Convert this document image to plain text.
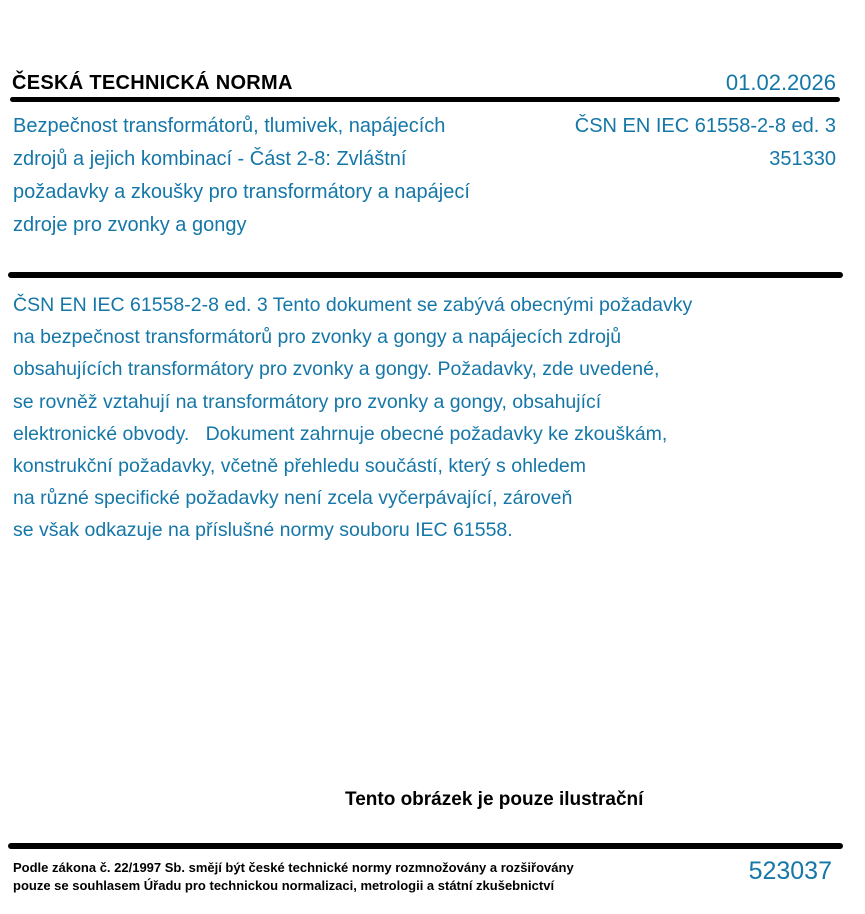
ČESKÁ TECHNICKÁ NORMA	01.02.2026
Bezpečnost transformátorů, tlumivek, napájecích
zdrojů a jejich kombinací - Část 2-8: Zvláštní
požadavky a zkoušky pro transformátory a napájecí
zdroje pro zvonky a gongy
ČSN EN IEC 61558-2-8 ed. 3
351330
ČSN EN IEC 61558-2-8 ed. 3 Tento dokument se zabývá obecnými požadavky
na bezpečnost transformátorů pro zvonky a gongy a napájecích zdrojů
obsahujících transformátory pro zvonky a gongy. Požadavky, zde uvedené,
se rovněž vztahují na transformátory pro zvonky a gongy, obsahující
elektronické obvody.   Dokument zahrnuje obecné požadavky ke zkouškám,
konstrukční požadavky, včetně přehledu součástí, který s ohledem
na různé specifické požadavky není zcela vyčerpávající, zároveň
se však odkazuje na příslušné normy souboru IEC 61558.
Tento obrázek je pouze ilustrační
Podle zákona č. 22/1997 Sb. smějí být české technické normy rozmnožovány a rozšiřovány
pouze se souhlasem Úřadu pro technickou normalizaci, metrologii a státní zkušebnictví
523037
